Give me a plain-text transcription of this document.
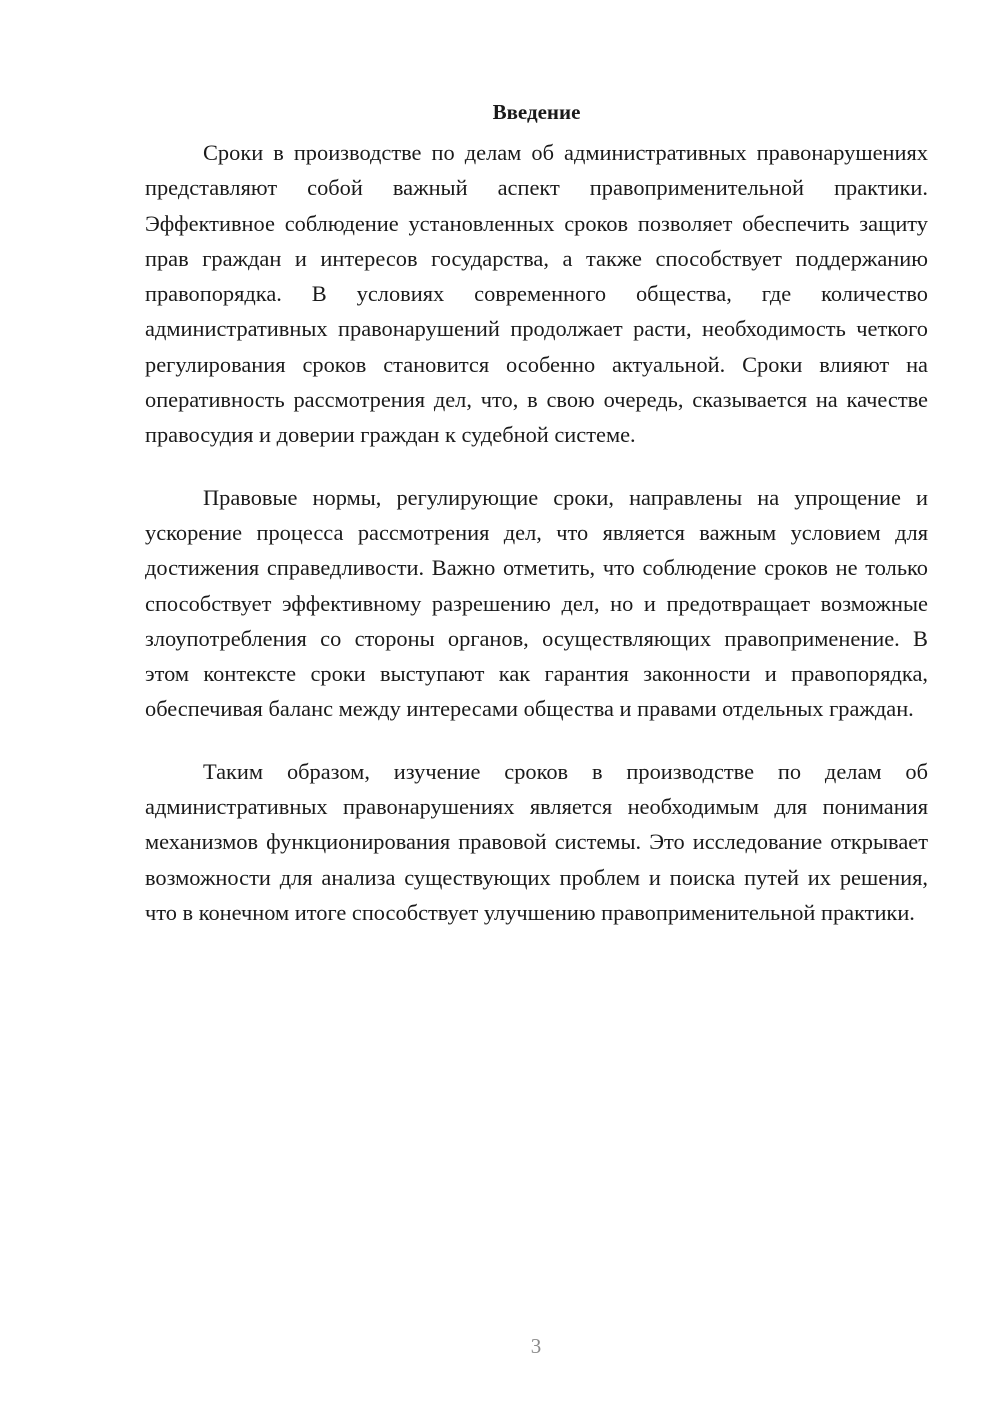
Введение

Сроки в производстве по делам об административных правонарушениях представляют собой важный аспект правоприменительной практики. Эффективное соблюдение установленных сроков позволяет обеспечить защиту прав граждан и интересов государства, а также способствует поддержанию правопорядка. В условиях современного общества, где количество административных правонарушений продолжает расти, необходимость четкого регулирования сроков становится особенно актуальной. Сроки влияют на оперативность рассмотрения дел, что, в свою очередь, сказывается на качестве правосудия и доверии граждан к судебной системе.

Правовые нормы, регулирующие сроки, направлены на упрощение и ускорение процесса рассмотрения дел, что является важным условием для достижения справедливости. Важно отметить, что соблюдение сроков не только способствует эффективному разрешению дел, но и предотвращает возможные злоупотребления со стороны органов, осуществляющих правоприменение. В этом контексте сроки выступают как гарантия законности и правопорядка, обеспечивая баланс между интересами общества и правами отдельных граждан.

Таким образом, изучение сроков в производстве по делам об административных правонарушениях является необходимым для понимания механизмов функционирования правовой системы. Это исследование открывает возможности для анализа существующих проблем и поиска путей их решения, что в конечном итоге способствует улучшению правоприменительной практики.

3
